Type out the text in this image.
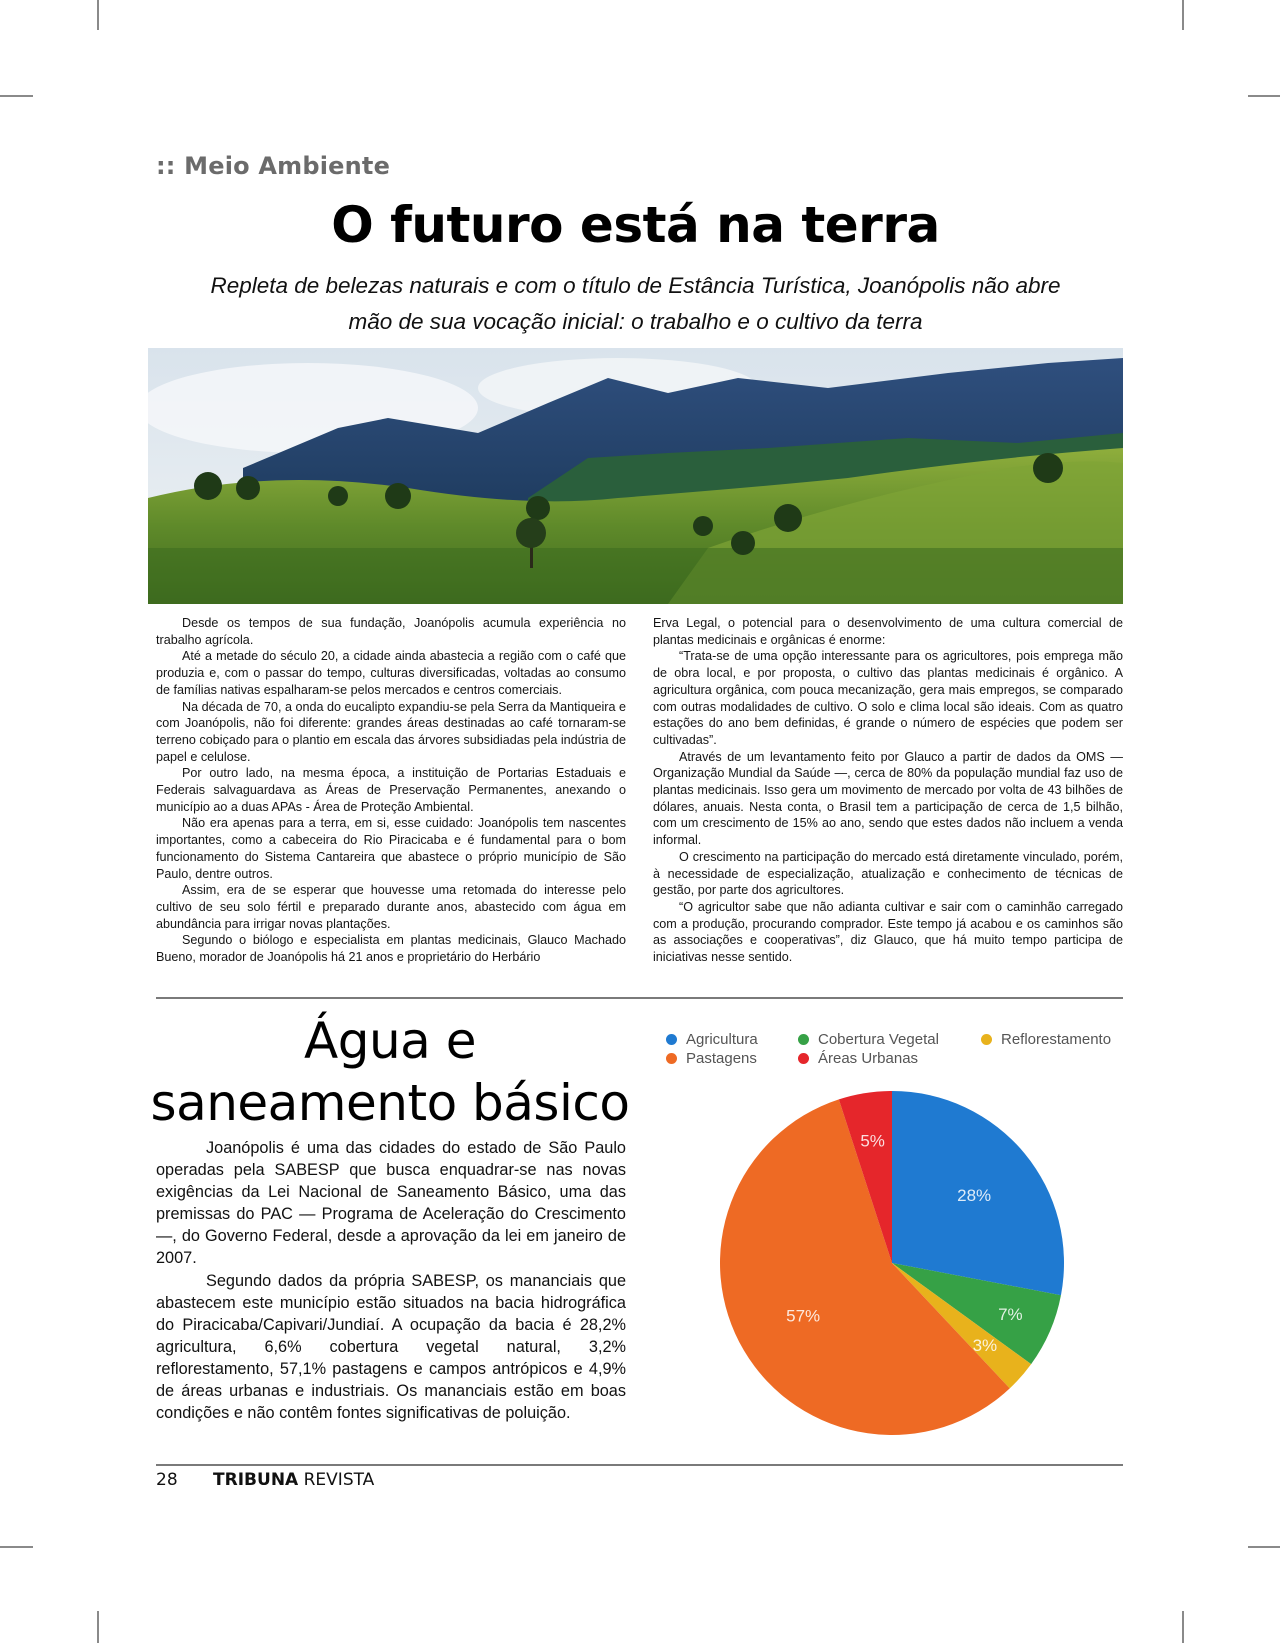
:: Meio Ambiente
O futuro está na terra
Repleta de belezas naturais e com o título de Estância Turística, Joanópolis não abre
mão de sua vocação inicial: o trabalho e o cultivo da terra

Desde os tempos de sua fundação, Joanópolis acumula experiência no trabalho agrícola.

Até a metade do século 20, a cidade ainda abastecia a região com o café que produzia e, com o passar do tempo, culturas diversificadas, voltadas ao consumo de famílias nativas espalharam-se pelos mercados e centros comerciais.

Na década de 70, a onda do eucalipto expandiu-se pela Serra da Mantiqueira e com Joanópolis, não foi diferente: grandes áreas destinadas ao café tornaram-se terreno cobiçado para o plantio em escala das árvores subsidiadas pela indústria de papel e celulose.

Por outro lado, na mesma época, a instituição de Portarias Estaduais e Federais salvaguardava as Áreas de Preservação Permanentes, anexando o município ao a duas APAs - Área de Proteção Ambiental.

Não era apenas para a terra, em si, esse cuidado: Joanópolis tem nascentes importantes, como a cabeceira do Rio Piracicaba e é fundamental para o bom funcionamento do Sistema Cantareira que abastece o próprio município de São Paulo, dentre outros.

Assim, era de se esperar que houvesse uma retomada do interesse pelo cultivo de seu solo fértil e preparado durante anos, abastecido com água em abundância para irrigar novas plantações.

Segundo o biólogo e especialista em plantas medicinais, Glauco Machado Bueno, morador de Joanópolis há 21 anos e proprietário do Herbário

Erva Legal, o potencial para o desenvolvimento de uma cultura comercial de plantas medicinais e orgânicas é enorme:

“Trata-se de uma opção interessante para os agricultores, pois emprega mão de obra local, e por proposta, o cultivo das plantas medicinais é orgânico. A agricultura orgânica, com pouca mecanização, gera mais empregos, se comparado com outras modalidades de cultivo. O solo e clima local são ideais. Com as quatro estações do ano bem definidas, é grande o número de espécies que podem ser cultivadas”.

Através de um levantamento feito por Glauco a partir de dados da OMS — Organização Mundial da Saúde —, cerca de 80% da população mundial faz uso de plantas medicinais. Isso gera um movimento de mercado por volta de 43 bilhões de dólares, anuais. Nesta conta, o Brasil tem a participação de cerca de 1,5 bilhão, com um crescimento de 15% ao ano, sendo que estes dados não incluem a venda informal.

O crescimento na participação do mercado está diretamente vinculado, porém, à necessidade de especialização, atualização e conhecimento de técnicas de gestão, por parte dos agricultores.

“O agricultor sabe que não adianta cultivar e sair com o caminhão carregado com a produção, procurando comprador. Este tempo já acabou e os caminhos são as associações e cooperativas”, diz Glauco, que há muito tempo participa de iniciativas nesse sentido.

Água e
saneamento básico

Joanópolis é uma das cidades do estado de São Paulo operadas pela SABESP que busca enquadrar-se nas novas exigências da Lei Nacional de Saneamento Básico, uma das premissas do PAC — Programa de Aceleração do Crescimento —, do Governo Federal, desde a aprovação da lei em janeiro de 2007.

Segundo dados da própria SABESP, os mananciais que abastecem este município estão situados na bacia hidrográfica do Piracicaba/Capivari/Jundiaí. A ocupação da bacia é 28,2% agricultura, 6,6% cobertura vegetal natural, 3,2% reflorestamento, 57,1% pastagens e campos antrópicos e 4,9% de áreas urbanas e industriais. Os mananciais estão em boas condições e não contêm fontes significativas de poluição.

Agricultura
Pastagens
Cobertura Vegetal
Áreas Urbanas
Reflorestamento
28%
7%
3%
57%
5%
28 TRIBUNA REVISTA
